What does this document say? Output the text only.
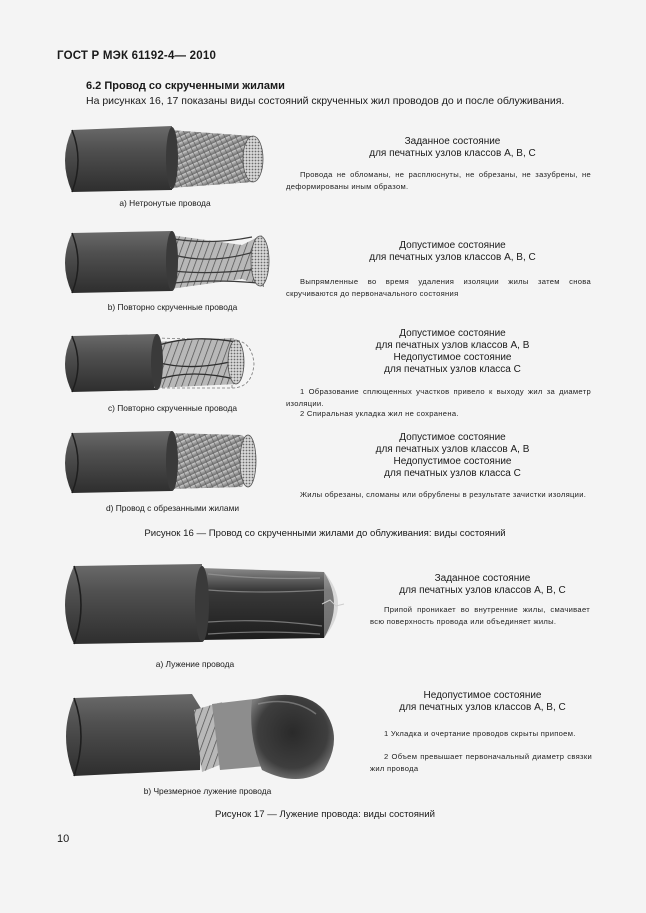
ГОСТ Р МЭК 61192-4— 2010
6.2 Провод со скрученными жилами
На рисунках 16, 17 показаны виды состояний скрученных жил проводов до и после облуживания.
a) Нетронутые провода
Заданное состояние
для печатных узлов классов A, B, C
Провода не обломаны, не расплюснуты, не обрезаны, не зазубрены, не деформированы иным образом.
b) Повторно скрученные провода
Допустимое состояние
для печатных узлов классов A, B, C
Выпрямленные во время удаления изоляции жилы затем снова скручиваются до первоначального состояния
c) Повторно скрученные провода
Допустимое состояние
для печатных узлов классов A, B
Недопустимое состояние
для печатных узлов класса C
1 Образование сплющенных участков привело к выходу жил за диаметр изоляции.
2 Спиральная укладка жил не сохранена.
d) Провод с обрезанными жилами
Допустимое состояние
для печатных узлов классов A, B
Недопустимое состояние
для печатных узлов класса C
Жилы обрезаны, сломаны или обрублены в результате зачистки изоляции.
Рисунок 16 — Провод со скрученными жилами до облуживания: виды состояний
a) Лужение провода
Заданное состояние
для печатных узлов классов A, B, C
Припой проникает во внутренние жилы, смачивает всю поверхность провода или объединяет жилы.
b) Чрезмерное лужение провода
Недопустимое состояние
для печатных узлов классов A, B, C
1 Укладка и очертание проводов скрыты припоем.
2 Объем превышает первоначальный диаметр связки жил провода
Рисунок 17 — Лужение провода: виды состояний
10
